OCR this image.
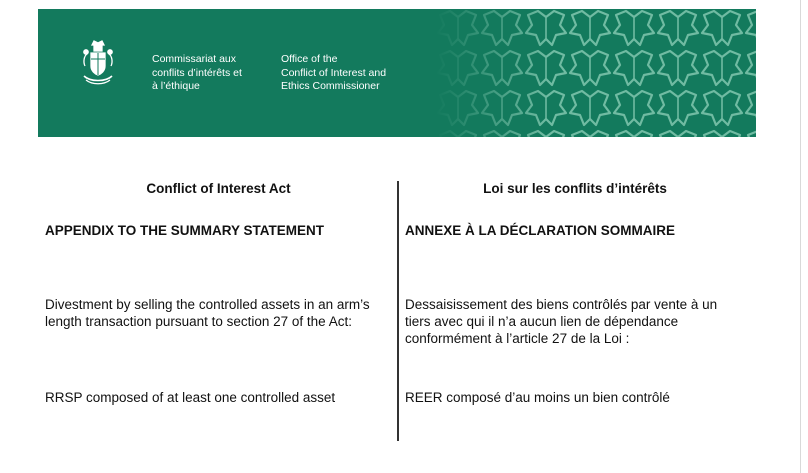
Commissariat aux
conflits d’intérêts et
à l’éthique
Office of the
Conflict of Interest and
Ethics Commissioner
Conflict of Interest Act
APPENDIX TO THE SUMMARY STATEMENT

Divestment by selling the controlled assets in an arm’s length transaction pursuant to section 27 of the Act:

RRSP composed of at least one controlled asset

Loi sur les conflits d’intérêts
ANNEXE À LA DÉCLARATION SOMMAIRE

Dessaisissement des biens contrôlés par vente à un tiers avec qui il n’a aucun lien de dépendance conformément à l’article 27 de la Loi :

REER composé d’au moins un bien contrôlé
